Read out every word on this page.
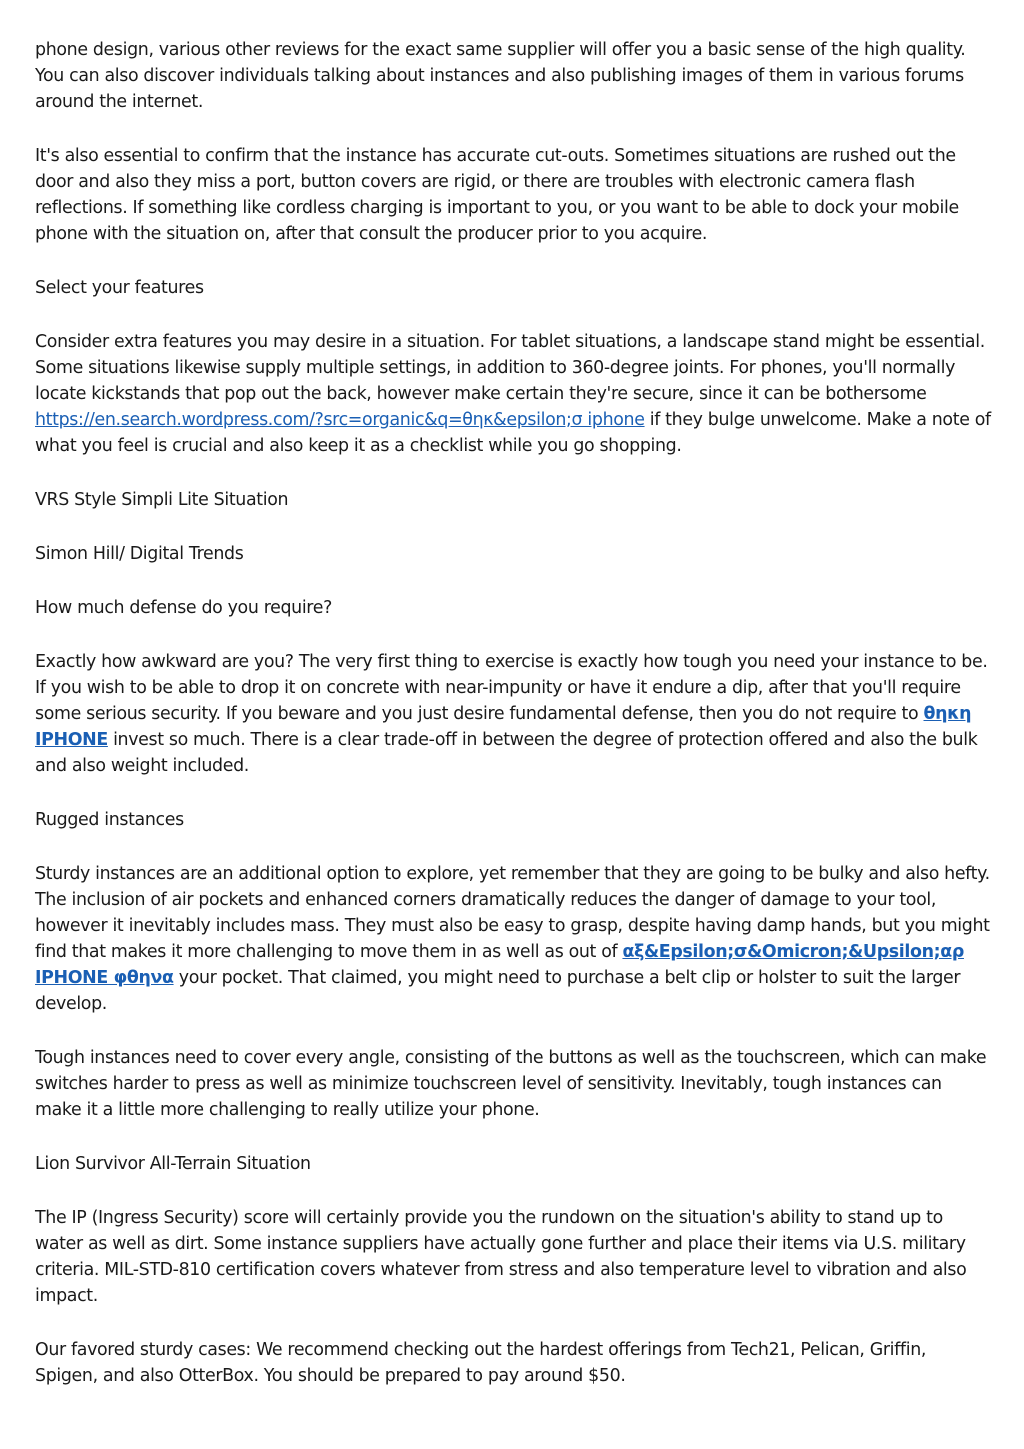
phone design, various other reviews for the exact same supplier will offer you a basic sense of the high quality. You can also discover individuals talking about instances and also publishing images of them in various forums around the internet.

It's also essential to confirm that the instance has accurate cut-outs. Sometimes situations are rushed out the door and also they miss a port, button covers are rigid, or there are troubles with electronic camera flash reflections. If something like cordless charging is important to you, or you want to be able to dock your mobile phone with the situation on, after that consult the producer prior to you acquire.

Select your features

Consider extra features you may desire in a situation. For tablet situations, a landscape stand might be essential. Some situations likewise supply multiple settings, in addition to 360-degree joints. For phones, you'll normally locate kickstands that pop out the back, however make certain they're secure, since it can be bothersome https://en.search.wordpress.com/?src=organic&q=θηκ&epsilon;σ iphone if they bulge unwelcome. Make a note of what you feel is crucial and also keep it as a checklist while you go shopping.

VRS Style Simpli Lite Situation

Simon Hill/ Digital Trends

How much defense do you require?

Exactly how awkward are you? The very first thing to exercise is exactly how tough you need your instance to be. If you wish to be able to drop it on concrete with near-impunity or have it endure a dip, after that you'll require some serious security. If you beware and you just desire fundamental defense, then you do not require to θηκη IPHONE invest so much. There is a clear trade-off in between the degree of protection offered and also the bulk and also weight included.

Rugged instances

Sturdy instances are an additional option to explore, yet remember that they are going to be bulky and also hefty. The inclusion of air pockets and enhanced corners dramatically reduces the danger of damage to your tool, however it inevitably includes mass. They must also be easy to grasp, despite having damp hands, but you might find that makes it more challenging to move them in as well as out of αξ&Epsilon;σ&Omicron;&Upsilon;αρ IPHONE φθηνα your pocket. That claimed, you might need to purchase a belt clip or holster to suit the larger develop.

Tough instances need to cover every angle, consisting of the buttons as well as the touchscreen, which can make switches harder to press as well as minimize touchscreen level of sensitivity. Inevitably, tough instances can make it a little more challenging to really utilize your phone.

Lion Survivor All-Terrain Situation

The IP (Ingress Security) score will certainly provide you the rundown on the situation's ability to stand up to water as well as dirt. Some instance suppliers have actually gone further and place their items via U.S. military criteria. MIL-STD-810 certification covers whatever from stress and also temperature level to vibration and also impact.

Our favored sturdy cases: We recommend checking out the hardest offerings from Tech21, Pelican, Griffin, Spigen, and also OtterBox. You should be prepared to pay around $50.
